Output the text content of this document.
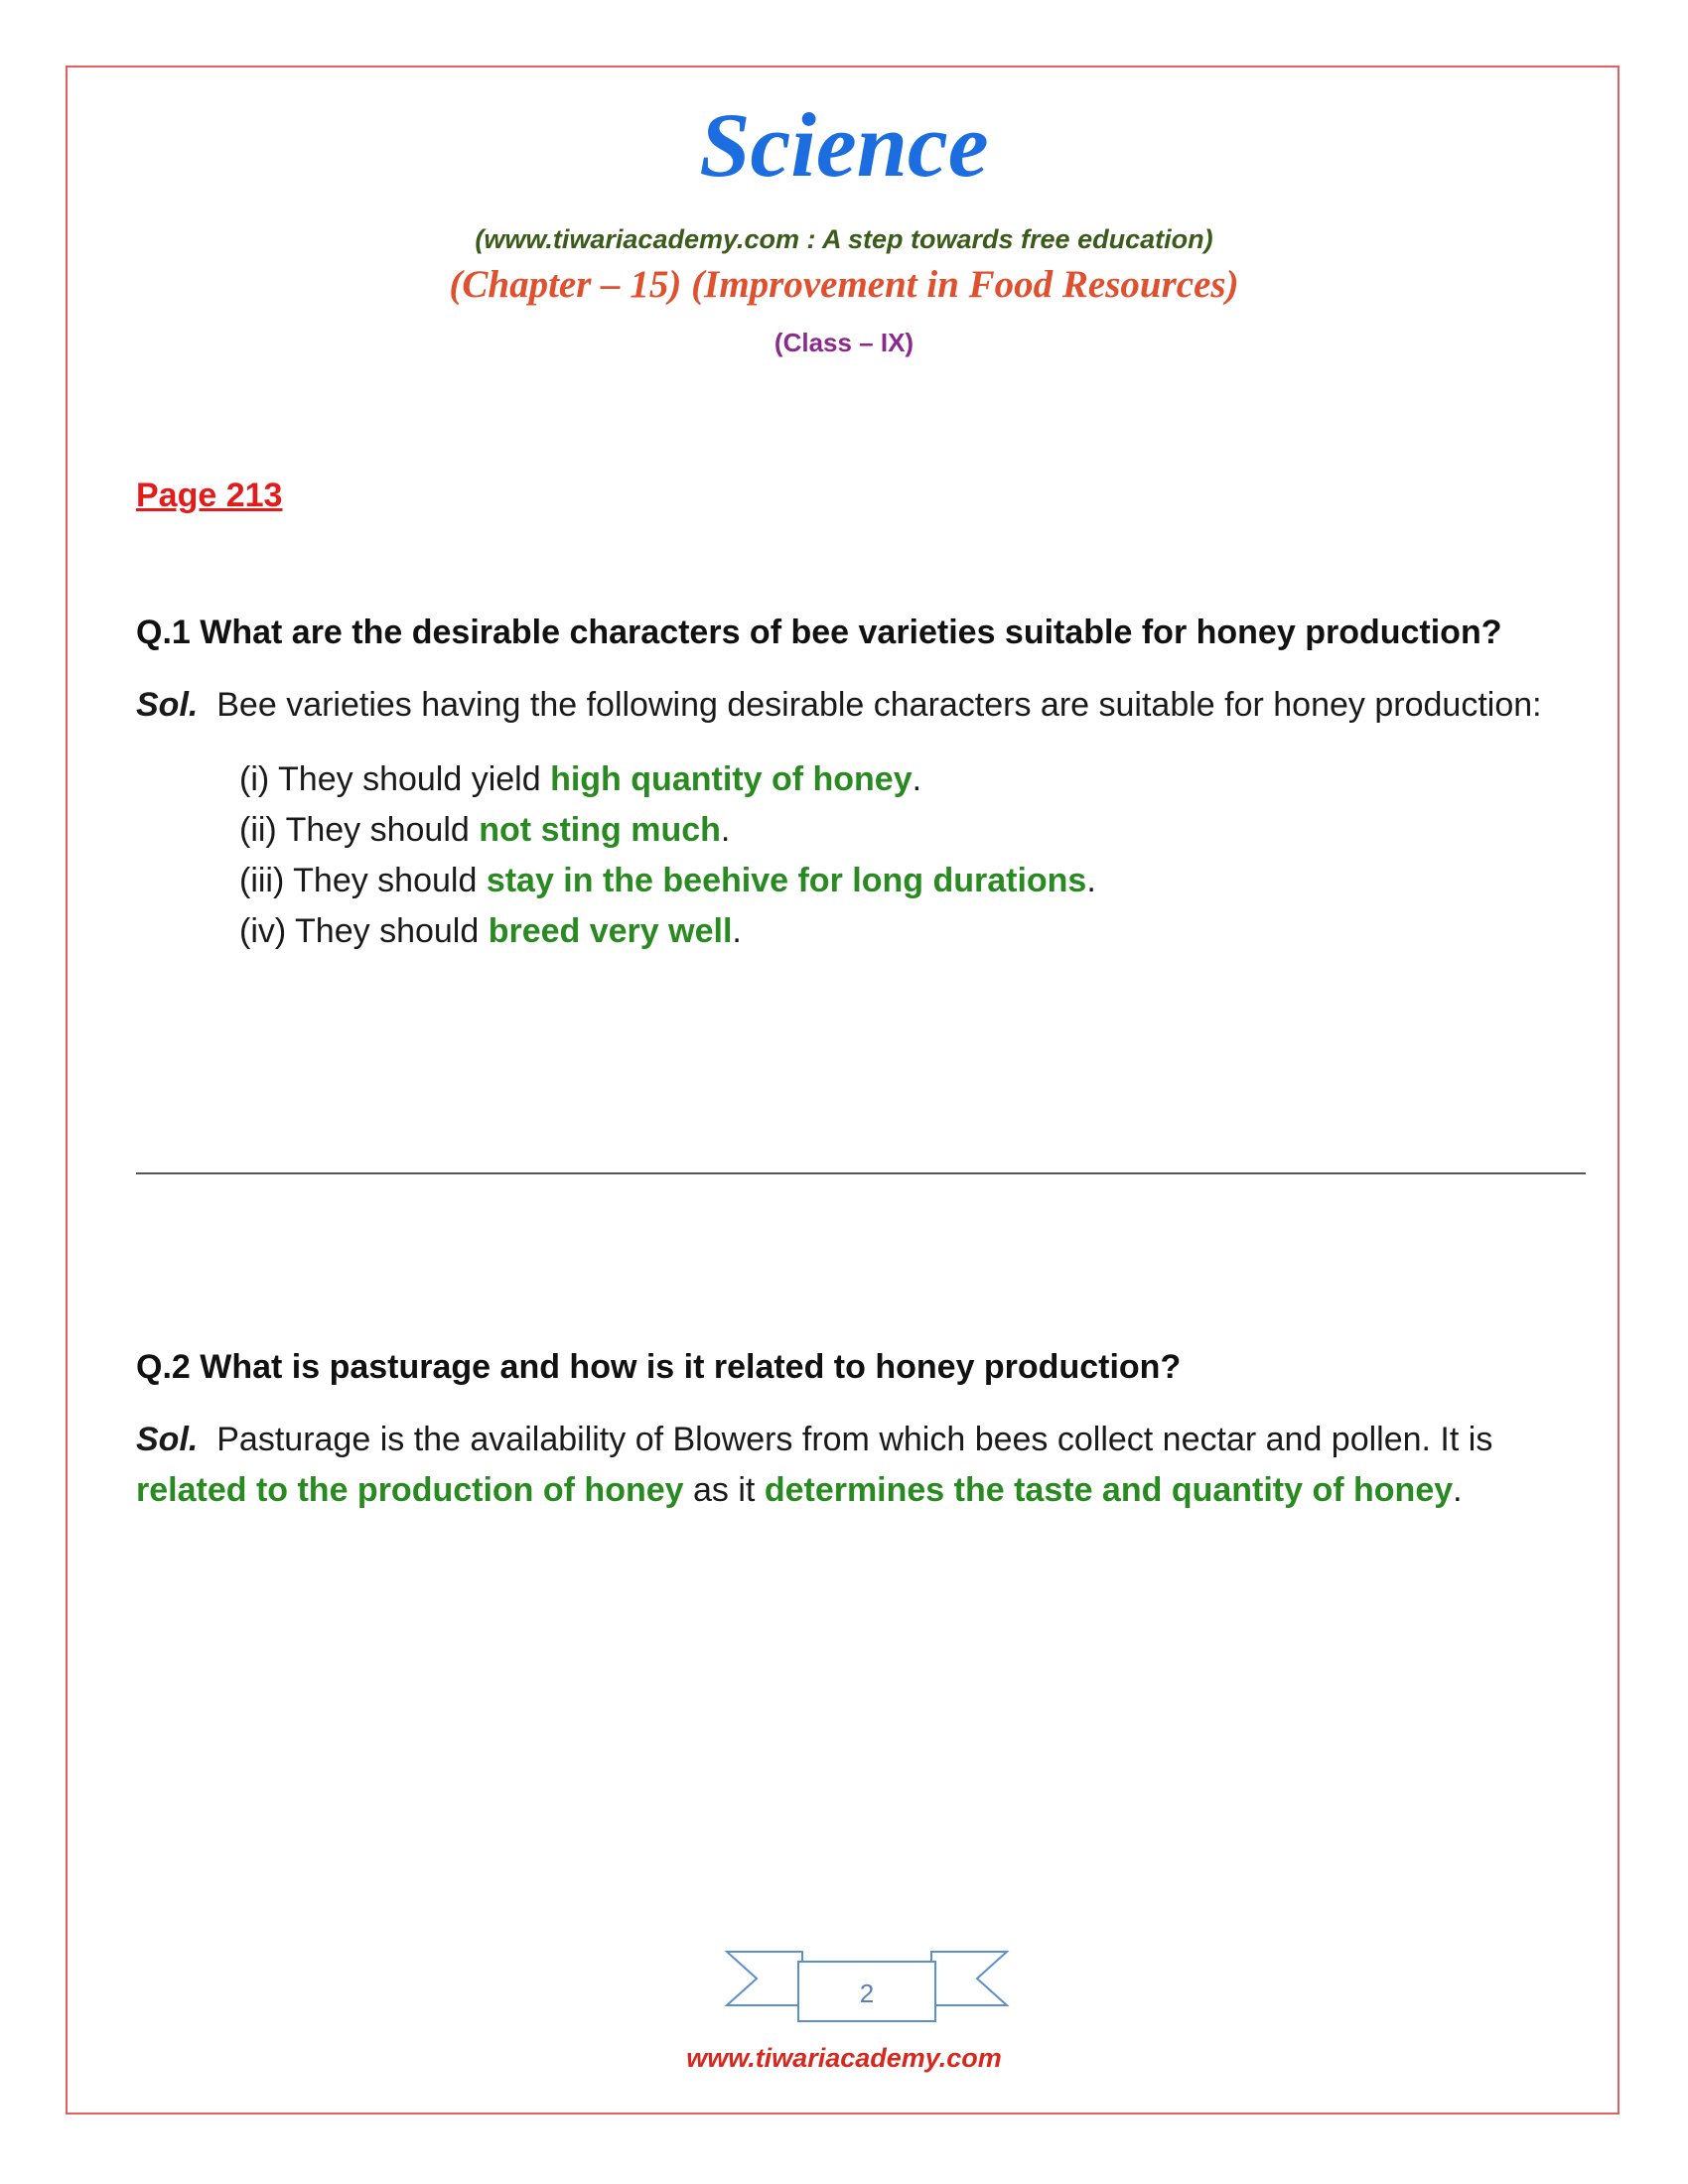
Science
(www.tiwariacademy.com : A step towards free education)
(Chapter – 15) (Improvement in Food Resources)
(Class – IX)
Page 213
Q.1 What are the desirable characters of bee varieties suitable for honey production?
Sol. Bee varieties having the following desirable characters are suitable for honey production:
(i) They should yield high quantity of honey.
(ii) They should not sting much.
(iii) They should stay in the beehive for long durations.
(iv) They should breed very well.
Q.2 What is pasturage and how is it related to honey production?
Sol. Pasturage is the availability of Blowers from which bees collect nectar and pollen. It is related to the production of honey as it determines the taste and quantity of honey.
2
www.tiwariacademy.com
